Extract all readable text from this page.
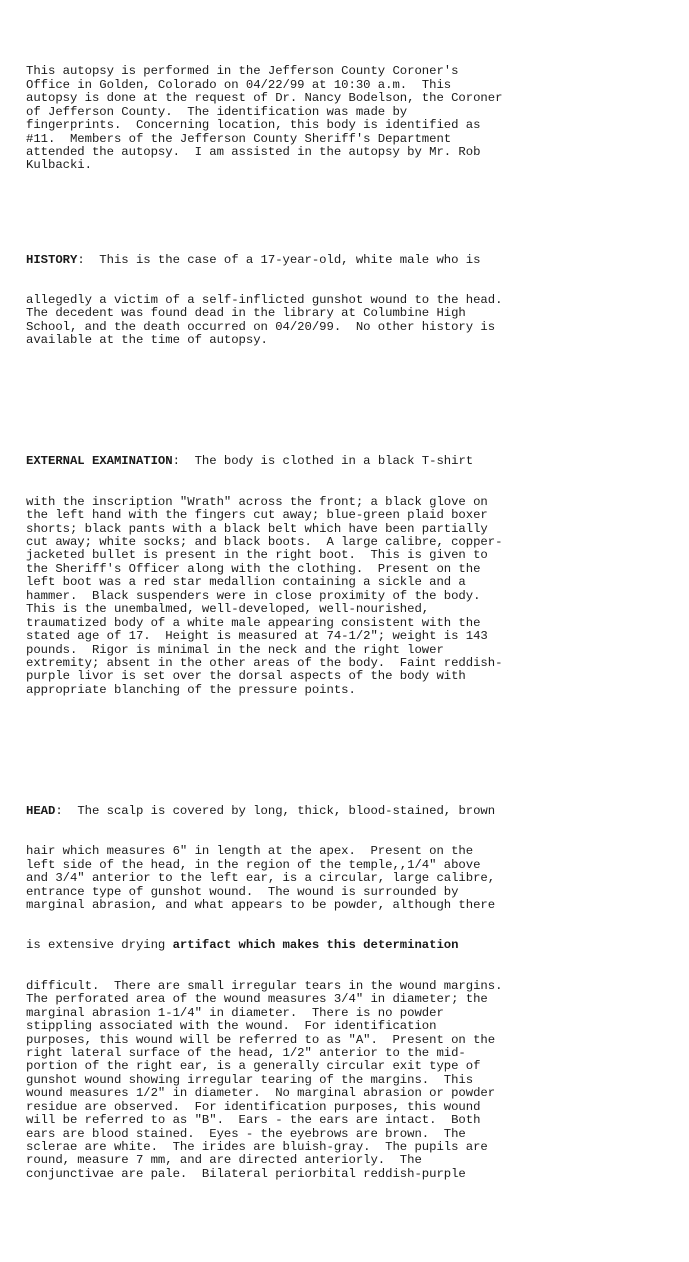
This autopsy is performed in the Jefferson County Coroner's
Office in Golden, Colorado on 04/22/99 at 10:30 a.m.  This
autopsy is done at the request of Dr. Nancy Bodelson, the Coroner
of Jefferson County.  The identification was made by
fingerprints.  Concerning location, this body is identified as
#11.  Members of the Jefferson County Sheriff's Department
attended the autopsy.  I am assisted in the autopsy by Mr. Rob
Kulbacki.

HISTORY:  This is the case of a 17-year-old, white male who is

allegedly a victim of a self-inflicted gunshot wound to the head.
The decedent was found dead in the library at Columbine High
School, and the death occurred on 04/20/99.  No other history is
available at the time of autopsy.

EXTERNAL EXAMINATION:  The body is clothed in a black T-shirt

with the inscription "Wrath" across the front; a black glove on
the left hand with the fingers cut away; blue-green plaid boxer
shorts; black pants with a black belt which have been partially
cut away; white socks; and black boots.  A large calibre, copper-
jacketed bullet is present in the right boot.  This is given to
the Sheriff's Officer along with the clothing.  Present on the
left boot was a red star medallion containing a sickle and a
hammer.  Black suspenders were in close proximity of the body.
This is the unembalmed, well-developed, well-nourished,
traumatized body of a white male appearing consistent with the
stated age of 17.  Height is measured at 74-1/2"; weight is 143
pounds.  Rigor is minimal in the neck and the right lower
extremity; absent in the other areas of the body.  Faint reddish-
purple livor is set over the dorsal aspects of the body with
appropriate blanching of the pressure points.

HEAD:  The scalp is covered by long, thick, blood-stained, brown

hair which measures 6" in length at the apex.  Present on the
left side of the head, in the region of the temple,,1/4" above
and 3/4" anterior to the left ear, is a circular, large calibre,
entrance type of gunshot wound.  The wound is surrounded by
marginal abrasion, and what appears to be powder, although there

is extensive drying artifact which makes this determination

difficult.  There are small irregular tears in the wound margins.
The perforated area of the wound measures 3/4" in diameter; the
marginal abrasion 1-1/4" in diameter.  There is no powder
stippling associated with the wound.  For identification
purposes, this wound will be referred to as "A".  Present on the
right lateral surface of the head, 1/2" anterior to the mid-
portion of the right ear, is a generally circular exit type of
gunshot wound showing irregular tearing of the margins.  This
wound measures 1/2" in diameter.  No marginal abrasion or powder
residue are observed.  For identification purposes, this wound
will be referred to as "B".  Ears - the ears are intact.  Both
ears are blood stained.  Eyes - the eyebrows are brown.  The
sclerae are white.  The irides are bluish-gray.  The pupils are
round, measure 7 mm, and are directed anteriorly.  The
conjunctivae are pale.  Bilateral periorbital reddish-purple
